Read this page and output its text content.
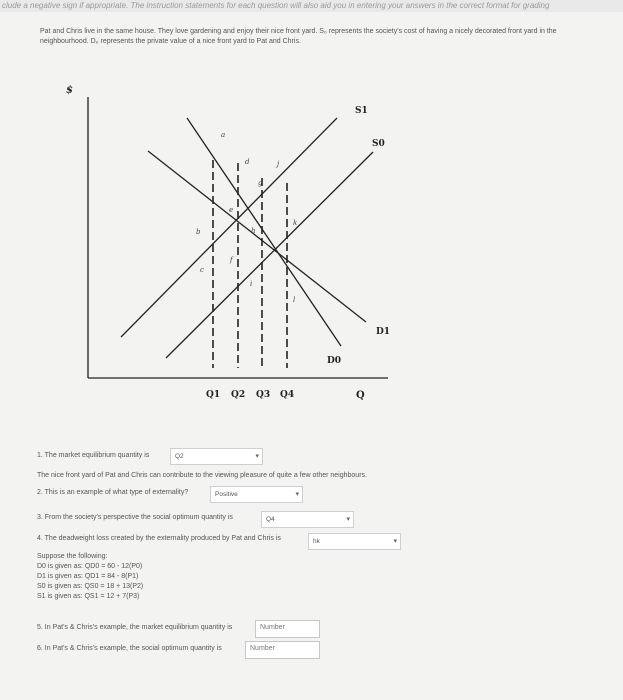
clude a negative sign if appropriate. The instruction statements for each question will also aid you in entering your answers in the correct format for grading
Pat and Chris live in the same house. They love gardening and enjoy their nice front yard. S₀ represents the society's cost of having a nicely decorated front yard in the neighbourhood. D₀ represents the private value of a nice front yard to Pat and Chris.
$
Q
Q1 Q2 Q3 Q4
S1
S0
D1
D0
a
b
c
d
e
f
g
h
i
j
k
l
1. The market equilibrium quantity is	Q2 ▾
The nice front yard of Pat and Chris can contribute to the viewing pleasure of quite a few other neighbours.
2. This is an example of what type of externality?	Positive ▾
3. From the society's perspective the social optimum quantity is	Q4 ▾
4. The deadweight loss created by the externality produced by Pat and Chris is	hk ▾
Suppose the following:
D0 is given as: QD0 = 60 - 12(P0)
D1 is given as: QD1 = 84 - 8(P1)
S0 is given as: QS0 = 18 + 13(P2)
S1 is given as: QS1 = 12 + 7(P3)
5. In Pat's & Chris's example, the market equilibrium quantity is	Number
6. In Pat's & Chris's example, the social optimum quantity is	Number
